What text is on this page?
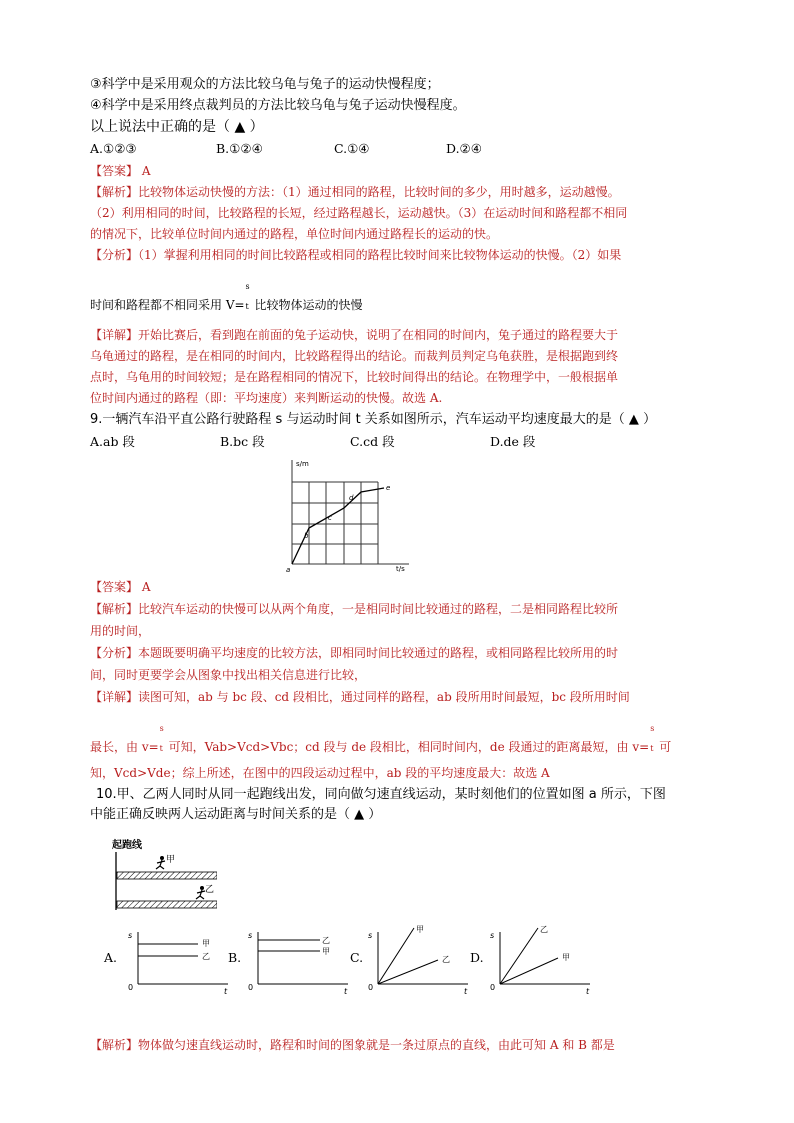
③科学中是采用观众的方法比较乌龟与兔子的运动快慢程度；
④科学中是采用终点裁判员的方法比较乌龟与兔子运动快慢程度。
以上说法中正确的是（ ▲ ）
A.①②③	B.①②④	C.①④	D.②④
【答案】 A
【解析】比较物体运动快慢的方法：（1）通过相同的路程，比较时间的多少，用时越多，运动越慢。
（2）利用相同的时间，比较路程的长短，经过路程越长，运动越快。（3）在运动时间和路程都不相同
的情况下，比较单位时间内通过的路程，单位时间内通过路程长的运动的快。
【分析】（1）掌握利用相同的时间比较路程或相同的路程比较时间来比较物体运动的快慢。（2）如果
时间和路程都不相同采用 V=
s
t 比较物体运动的快慢
【详解】开始比赛后，看到跑在前面的兔子运动快，说明了在相同的时间内，兔子通过的路程要大于
乌龟通过的路程，是在相同的时间内，比较路程得出的结论。而裁判员判定乌龟获胜，是根据跑到终
点时，乌龟用的时间较短；是在路程相同的情况下，比较时间得出的结论。在物理学中，一般根据单
位时间内通过的路程（即：平均速度）来判断运动的快慢。故选 A.
9.一辆汽车沿平直公路行驶路程 s 与运动时间 t 关系如图所示，汽车运动平均速度最大的是（ ▲ ）
A.ab 段	B.bc 段	C.cd 段	D.de 段
s/m
t/s
a
b
c
d
e
【答案】 A
【解析】比较汽车运动的快慢可以从两个角度，一是相同时间比较通过的路程，二是相同路程比较所
用的时间，
【分析】本题既要明确平均速度的比较方法，即相同时间比较通过的路程，或相同路程比较所用的时
间，同时更要学会从图象中找出相关信息进行比较，
【详解】读图可知，ab 与 bc 段、cd 段相比，通过同样的路程，ab 段所用时间最短，bc 段所用时间
最长，由 v=
s
t 可知，Vab>Vcd>Vbc；cd 段与 de 段相比，相同时间内，de 段通过的距离最短，由 v=
s
t 可
知，Vcd>Vde；综上所述，在图中的四段运动过程中，ab 段的平均速度最大：故选 A
10.甲、乙两人同时从同一起跑线出发，同向做匀速直线运动，某时刻他们的位置如图 a 所示，下图
中能正确反映两人运动距离与时间关系的是（ ▲ ）
起跑线
甲
乙
A.
s
t
0
甲
乙 B.
s
t
0
乙
甲 C.
s
t
0
甲
乙 D.
s
t
0
乙
甲
【解析】物体做匀速直线运动时，路程和时间的图象就是一条过原点的直线，由此可知 A 和 B 都是
